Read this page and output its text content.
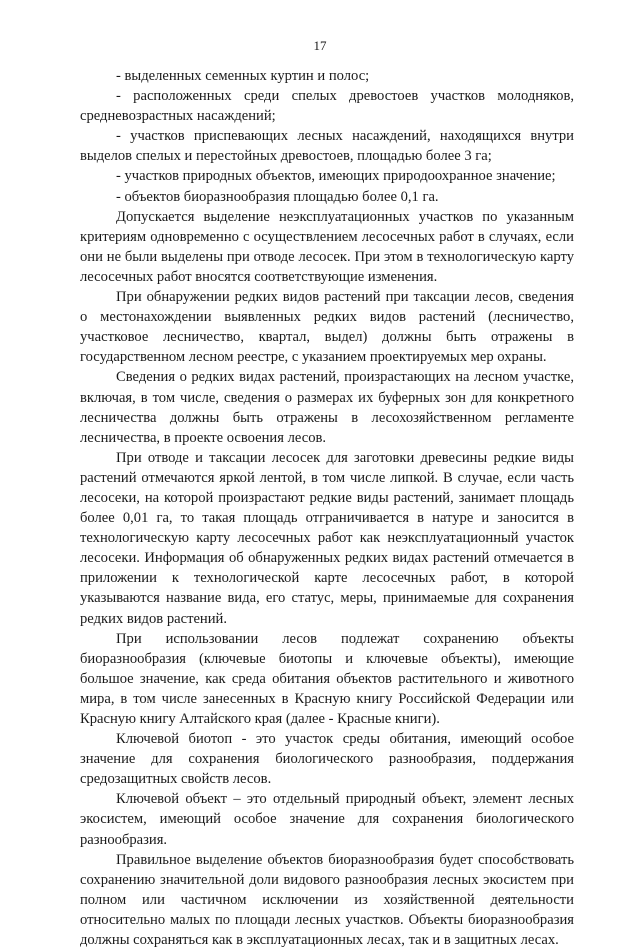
17

- выделенных семенных куртин и полос;

- расположенных среди спелых древостоев участков молодняков, средневозрастных насаждений;

- участков приспевающих лесных насаждений, находящихся внутри выделов спелых и перестойных древостоев, площадью более 3 га;

- участков природных объектов, имеющих природоохранное значение;

- объектов биоразнообразия площадью более 0,1 га.

Допускается выделение неэксплуатационных участков по указанным критериям одновременно с осуществлением лесосечных работ в случаях, если они не были выделены при отводе лесосек. При этом в технологическую карту лесосечных работ вносятся соответствующие изменения.

При обнаружении редких видов растений при таксации лесов, сведения о местонахождении выявленных редких видов растений (лесничество, участковое лесничество, квартал, выдел) должны быть отражены в государственном лесном реестре, с указанием проектируемых мер охраны.

Сведения о редких видах растений, произрастающих на лесном участке, включая, в том числе, сведения о размерах их буферных зон для конкретного лесничества должны быть отражены в лесохозяйственном регламенте лесничества, в проекте освоения лесов.

При отводе и таксации лесосек для заготовки древесины редкие виды растений отмечаются яркой лентой, в том числе липкой. В случае, если часть лесосеки, на которой произрастают редкие виды растений, занимает площадь более 0,01 га, то такая площадь отграничивается в натуре и заносится в технологическую карту лесосечных работ как неэксплуатационный участок лесосеки. Информация об обнаруженных редких видах растений отмечается в приложении к технологической карте лесосечных работ, в которой указываются название вида, его статус, меры, принимаемые для сохранения редких видов растений.

При использовании лесов подлежат сохранению объекты биоразнообразия (ключевые биотопы и ключевые объекты), имеющие большое значение, как среда обитания объектов растительного и животного мира, в том числе занесенных в Красную книгу Российской Федерации или Красную книгу Алтайского края (далее - Красные книги).

Ключевой биотоп - это участок среды обитания, имеющий особое значение для сохранения биологического разнообразия, поддержания средозащитных свойств лесов.

Ключевой объект – это отдельный природный объект, элемент лесных экосистем, имеющий особое значение для сохранения биологического разнообразия.

Правильное выделение объектов биоразнообразия будет способствовать сохранению значительной доли видового разнообразия лесных экосистем при полном или частичном исключении из хозяйственной деятельности относительно малых по площади лесных участков. Объекты биоразнообразия должны сохраняться как в эксплуатационных лесах, так и в защитных лесах.
